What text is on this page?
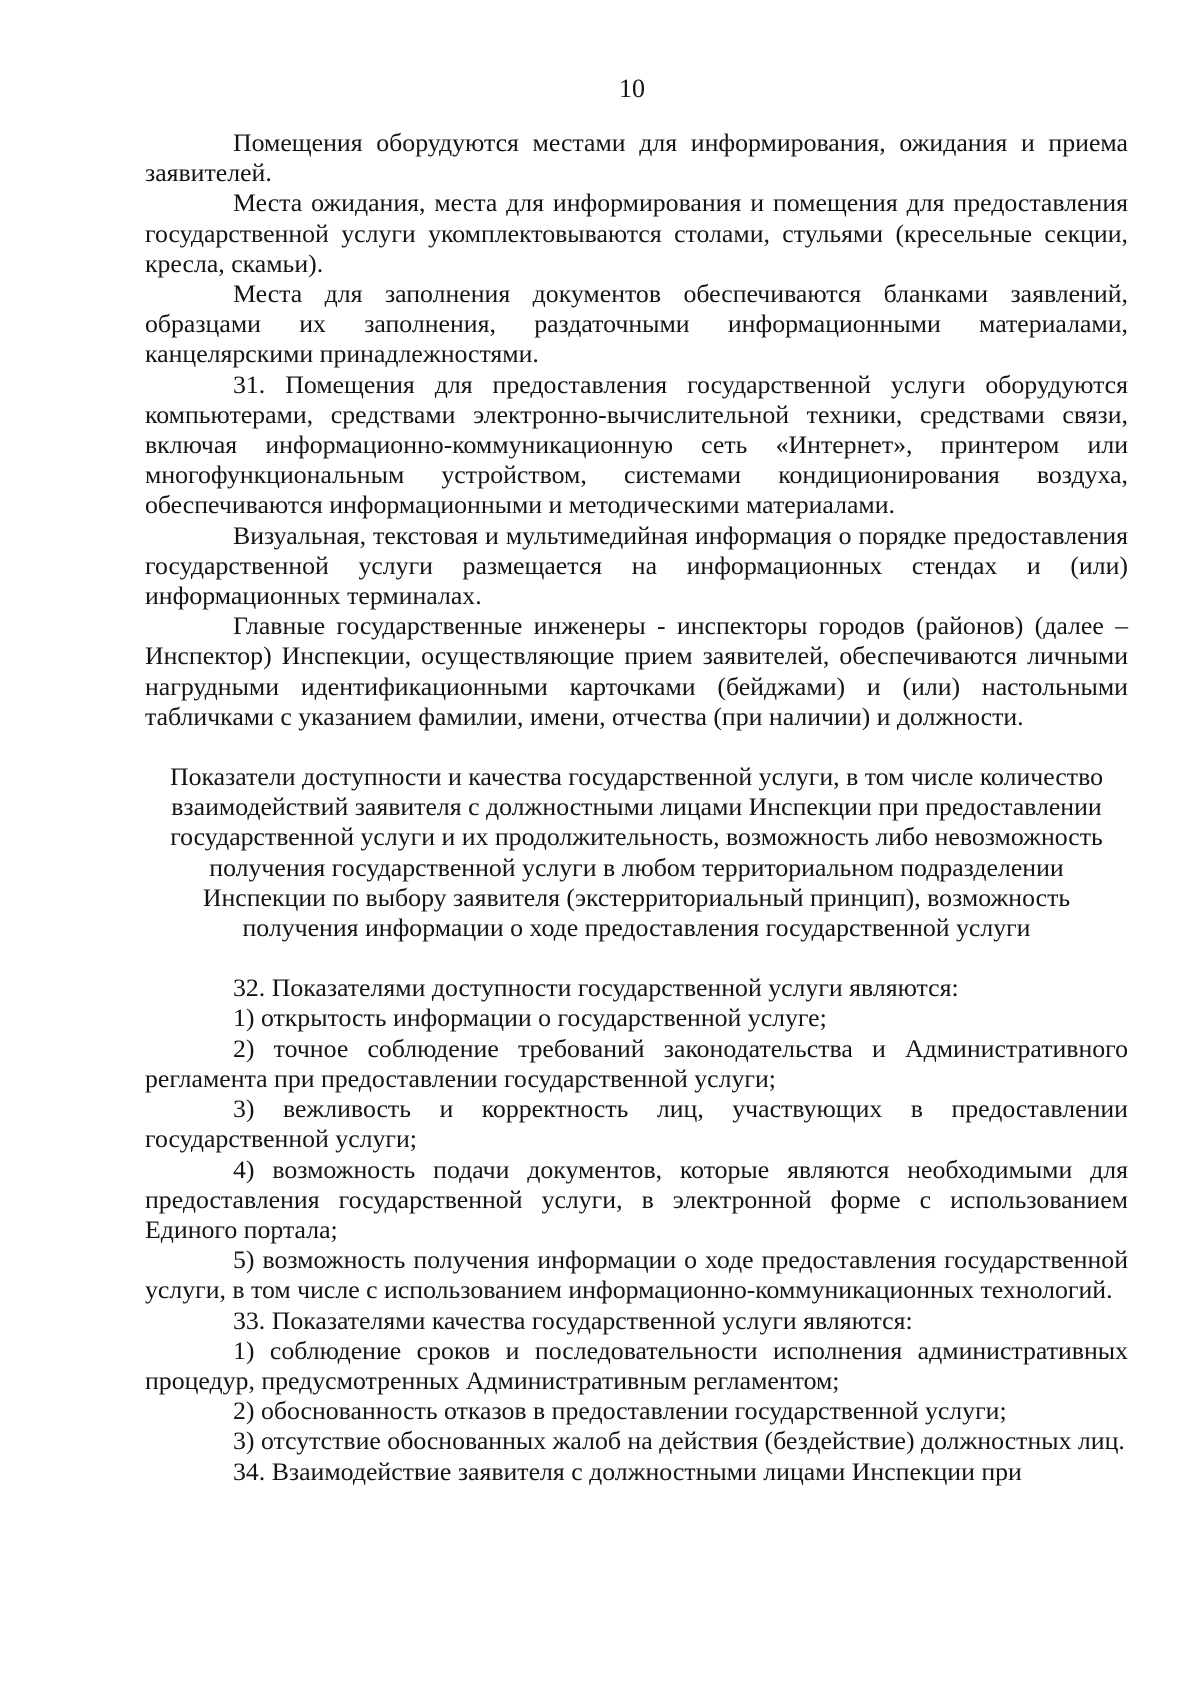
10

Помещения оборудуются местами для информирования, ожидания и приема заявителей.

Места ожидания, места для информирования и помещения для предоставления государственной услуги укомплектовываются столами, стульями (кресельные секции, кресла, скамьи).

Места для заполнения документов обеспечиваются бланками заявлений, образцами их заполнения, раздаточными информационными материалами, канцелярскими принадлежностями.

31. Помещения для предоставления государственной услуги оборудуются компьютерами, средствами электронно-вычислительной техники, средствами связи, включая информационно-коммуникационную сеть «Интернет», принтером или многофункциональным устройством, системами кондиционирования воздуха, обеспечиваются информационными и методическими материалами.

Визуальная, текстовая и мультимедийная информация о порядке предоставления государственной услуги размещается на информационных стендах и (или) информационных терминалах.

Главные государственные инженеры - инспекторы городов (районов) (далее – Инспектор) Инспекции, осуществляющие прием заявителей, обеспечиваются личными нагрудными идентификационными карточками (бейджами) и (или) настольными табличками с указанием фамилии, имени, отчества (при наличии) и должности.

Показатели доступности и качества государственной услуги, в том числе количество взаимодействий заявителя с должностными лицами Инспекции при предоставлении государственной услуги и их продолжительность, возможность либо невозможность получения государственной услуги в любом территориальном подразделении Инспекции по выбору заявителя (экстерриториальный принцип), возможность получения информации о ходе предоставления государственной услуги

32. Показателями доступности государственной услуги являются:

1) открытость информации о государственной услуге;

2) точное соблюдение требований законодательства и Административного регламента при предоставлении государственной услуги;

3) вежливость и корректность лиц, участвующих в предоставлении государственной услуги;

4) возможность подачи документов, которые являются необходимыми для предоставления государственной услуги, в электронной форме с использованием Единого портала;

5) возможность получения информации о ходе предоставления государственной услуги, в том числе с использованием информационно-коммуникационных технологий.

33. Показателями качества государственной услуги являются:

1) соблюдение сроков и последовательности исполнения административных процедур, предусмотренных Административным регламентом;

2) обоснованность отказов в предоставлении государственной услуги;

3) отсутствие обоснованных жалоб на действия (бездействие) должностных лиц.

34. Взаимодействие заявителя с должностными лицами Инспекции при
